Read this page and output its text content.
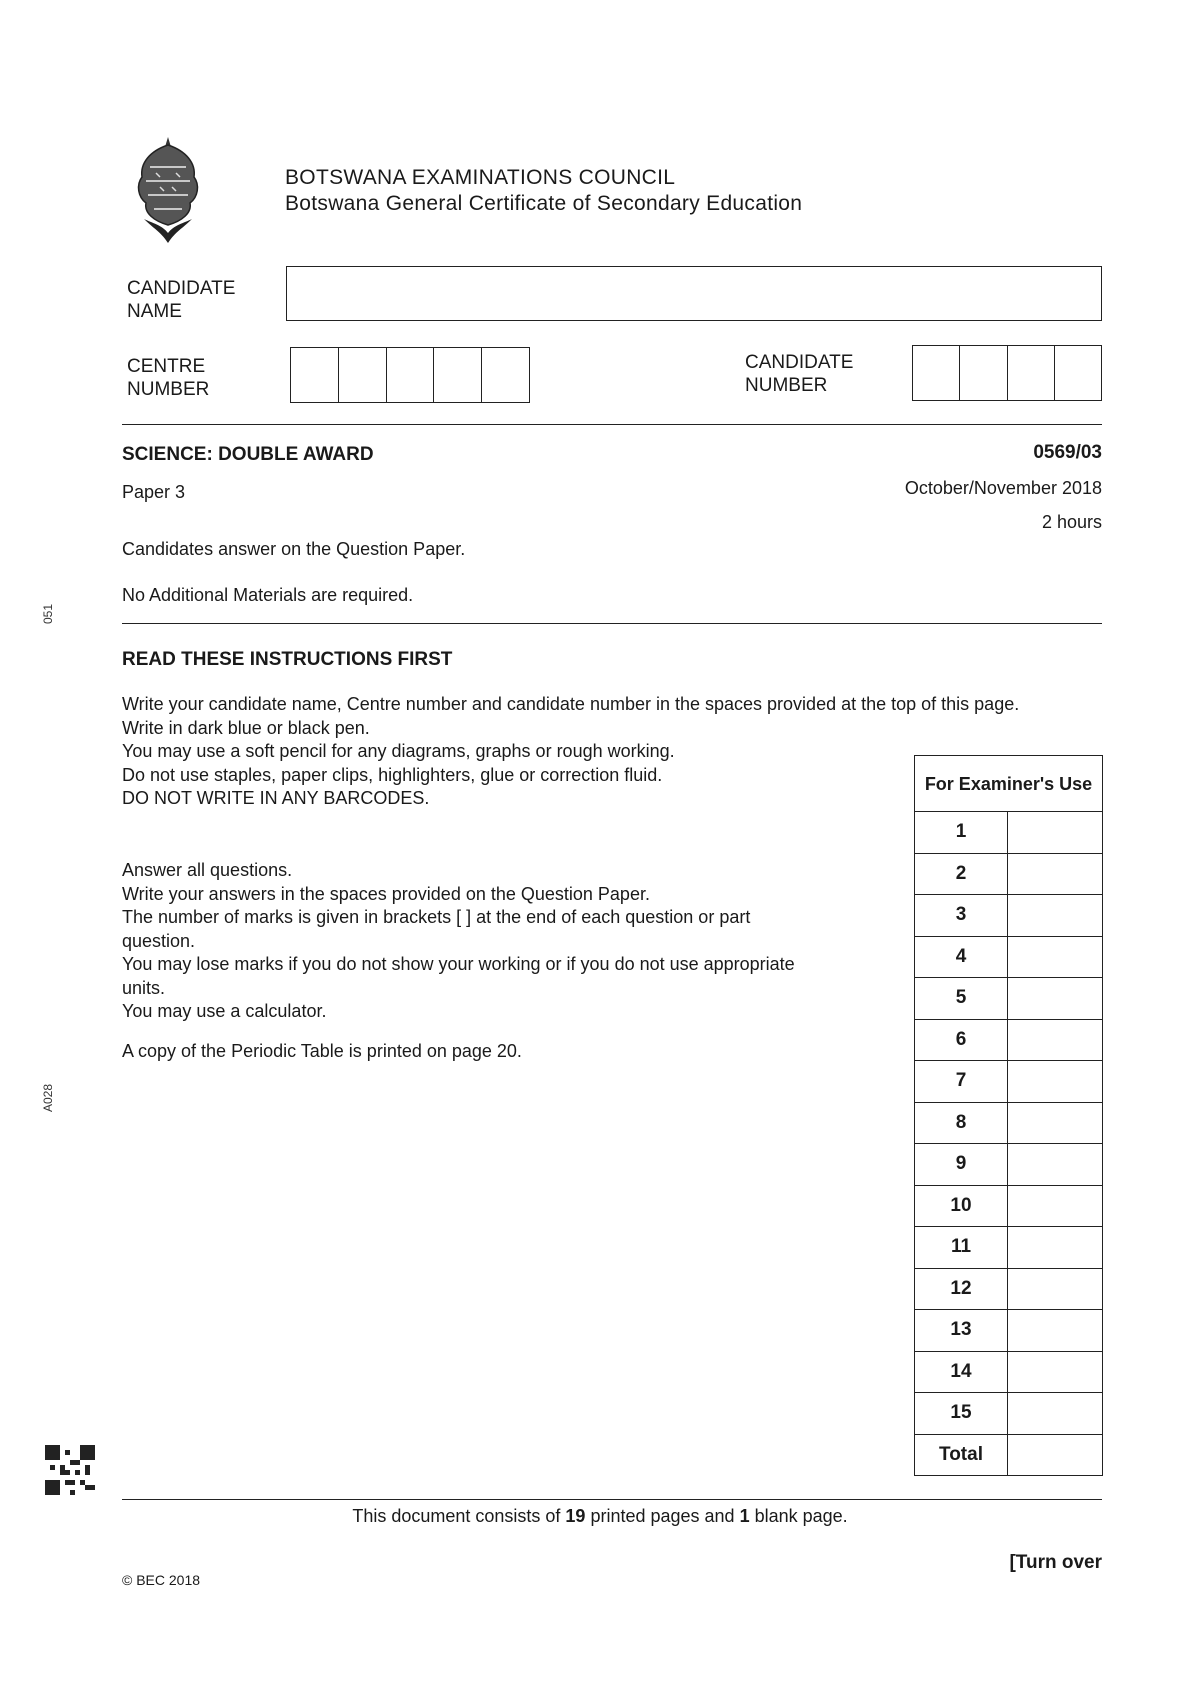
BOTSWANA EXAMINATIONS COUNCIL
Botswana General Certificate of Secondary Education
CANDIDATE
NAME
CENTRE
NUMBER
CANDIDATE
NUMBER
SCIENCE: DOUBLE AWARD	0569/03
Paper 3	October/November 2018
2 hours
Candidates answer on the Question Paper.
No Additional Materials are required.
READ THESE INSTRUCTIONS FIRST
Write your candidate name, Centre number and candidate number in the spaces provided at the top of this page.
Write in dark blue or black pen.
You may use a soft pencil for any diagrams, graphs or rough working.
Do not use staples, paper clips, highlighters, glue or correction fluid.
DO NOT WRITE IN ANY BARCODES.
Answer all questions.
Write your answers in the spaces provided on the Question Paper.
The number of marks is given in brackets [ ] at the end of each question or part question.
You may lose marks if you do not show your working or if you do not use appropriate units.
You may use a calculator.
A copy of the Periodic Table is printed on page 20.
For Examiner's Use	
1	
2	
3	
4	
5	
6	
7	
8	
9	
10	
11	
12	
13	
14	
15	
Total	
051
A028
This document consists of 19 printed pages and 1 blank page.
[Turn over
© BEC 2018
